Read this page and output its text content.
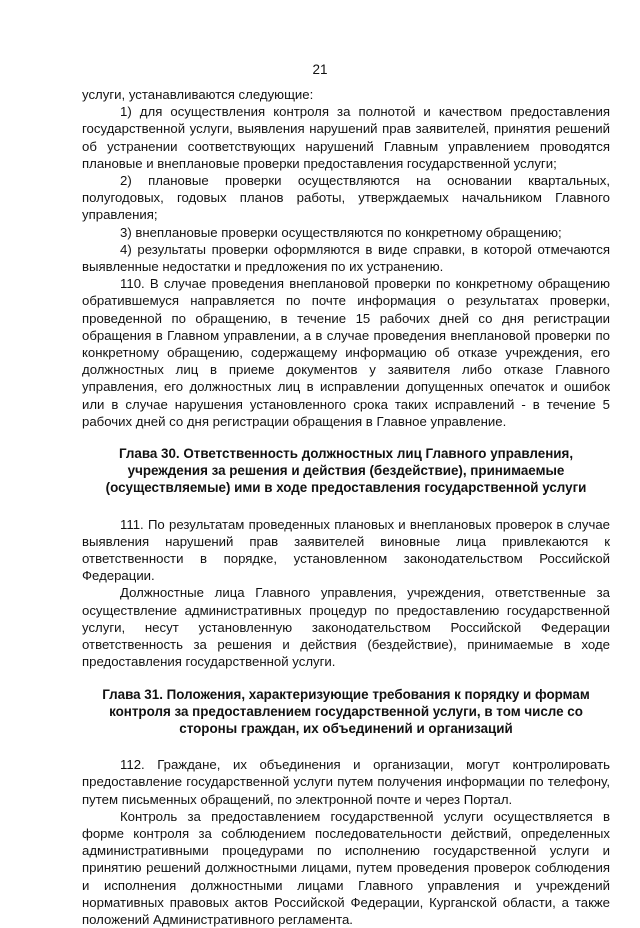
21

услуги, устанавливаются следующие:

1) для осуществления контроля за полнотой и качеством предоставления государственной услуги, выявления нарушений прав заявителей, принятия решений об устранении соответствующих нарушений Главным управлением проводятся плановые и внеплановые проверки предоставления государственной услуги;

2) плановые проверки осуществляются на основании квартальных, полугодовых, годовых планов работы, утверждаемых начальником Главного управления;

3) внеплановые проверки осуществляются по конкретному обращению;

4) результаты проверки оформляются в виде справки, в которой отмечаются выявленные недостатки и предложения по их устранению.

110. В случае проведения внеплановой проверки по конкретному обращению обратившемуся направляется по почте информация о результатах проверки, проведенной по обращению, в течение 15 рабочих дней со дня регистрации обращения в Главном управлении, а в случае проведения внеплановой проверки по конкретному обращению, содержащему информацию об отказе учреждения, его должностных лиц в приеме документов у заявителя либо отказе Главного управления, его должностных лиц в исправлении допущенных опечаток и ошибок или в случае нарушения установленного срока таких исправлений - в течение 5 рабочих дней со дня регистрации обращения в Главное управление.

Глава 30. Ответственность должностных лиц Главного управления, учреждения за решения и действия (бездействие), принимаемые (осуществляемые) ими в ходе предоставления государственной услуги

111. По результатам проведенных плановых и внеплановых проверок в случае выявления нарушений прав заявителей виновные лица привлекаются к ответственности в порядке, установленном законодательством Российской Федерации.

Должностные лица Главного управления, учреждения, ответственные за осуществление административных процедур по предоставлению государственной услуги, несут установленную законодательством Российской Федерации ответственность за решения и действия (бездействие), принимаемые в ходе предоставления государственной услуги.

Глава 31. Положения, характеризующие требования к порядку и формам контроля за предоставлением государственной услуги, в том числе со стороны граждан, их объединений и организаций

112. Граждане, их объединения и организации, могут контролировать предоставление государственной услуги путем получения информации по телефону, путем письменных обращений, по электронной почте и через Портал.

Контроль за предоставлением государственной услуги осуществляется в форме контроля за соблюдением последовательности действий, определенных административными процедурами по исполнению государственной услуги и принятию решений должностными лицами, путем проведения проверок соблюдения и исполнения должностными лицами Главного управления и учреждений нормативных правовых актов Российской Федерации, Курганской области, а также положений Административного регламента.
